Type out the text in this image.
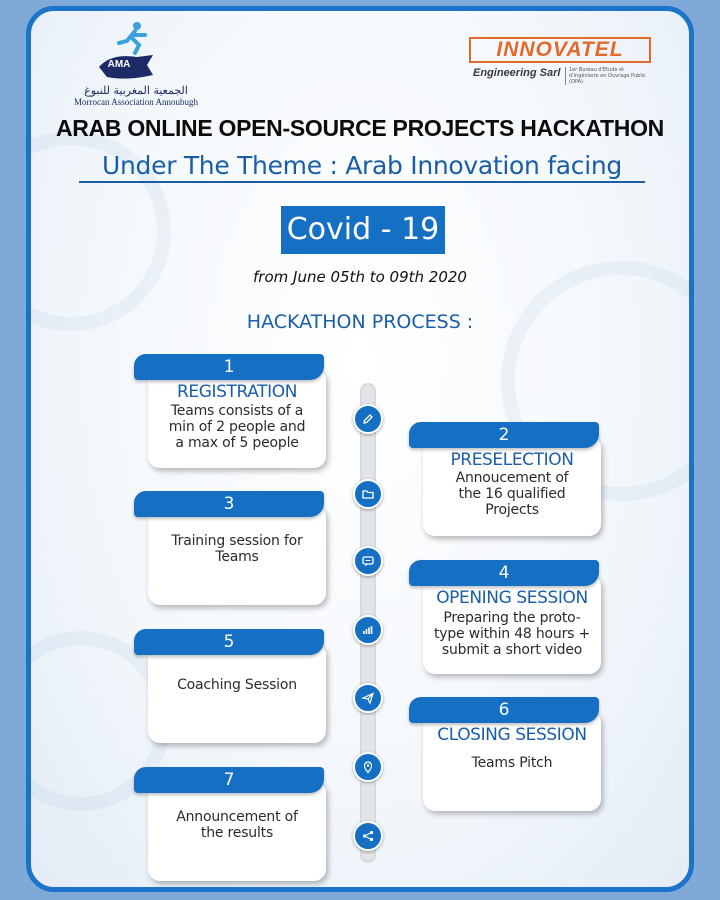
AMA
الجمعية المغربية للنبوغ
Morrocan Association Annoubugh
INNOVATEL
Engineering Sarl	1er Bureau d'Etude et d'Ingénierie en Ouvrage Public (OPA)
ARAB ONLINE OPEN-SOURCE PROJECTS HACKATHON
Under The Theme : Arab Innovation facing
Covid - 19
from June 05th to 09th 2020
HACKATHON PROCESS :
1
REGISTRATION
Teams consists of a
min of 2 people and
a max of 5 people	2
PRESELECTION
Annoucement of
the 16 qualified
Projects
3
Training session for
Teams
4
OPENING SESSION
Preparing the proto-
type within 48 hours +
submit a short video
5
Coaching Session
6
CLOSING SESSION
Teams Pitch
7
Announcement of
the results
